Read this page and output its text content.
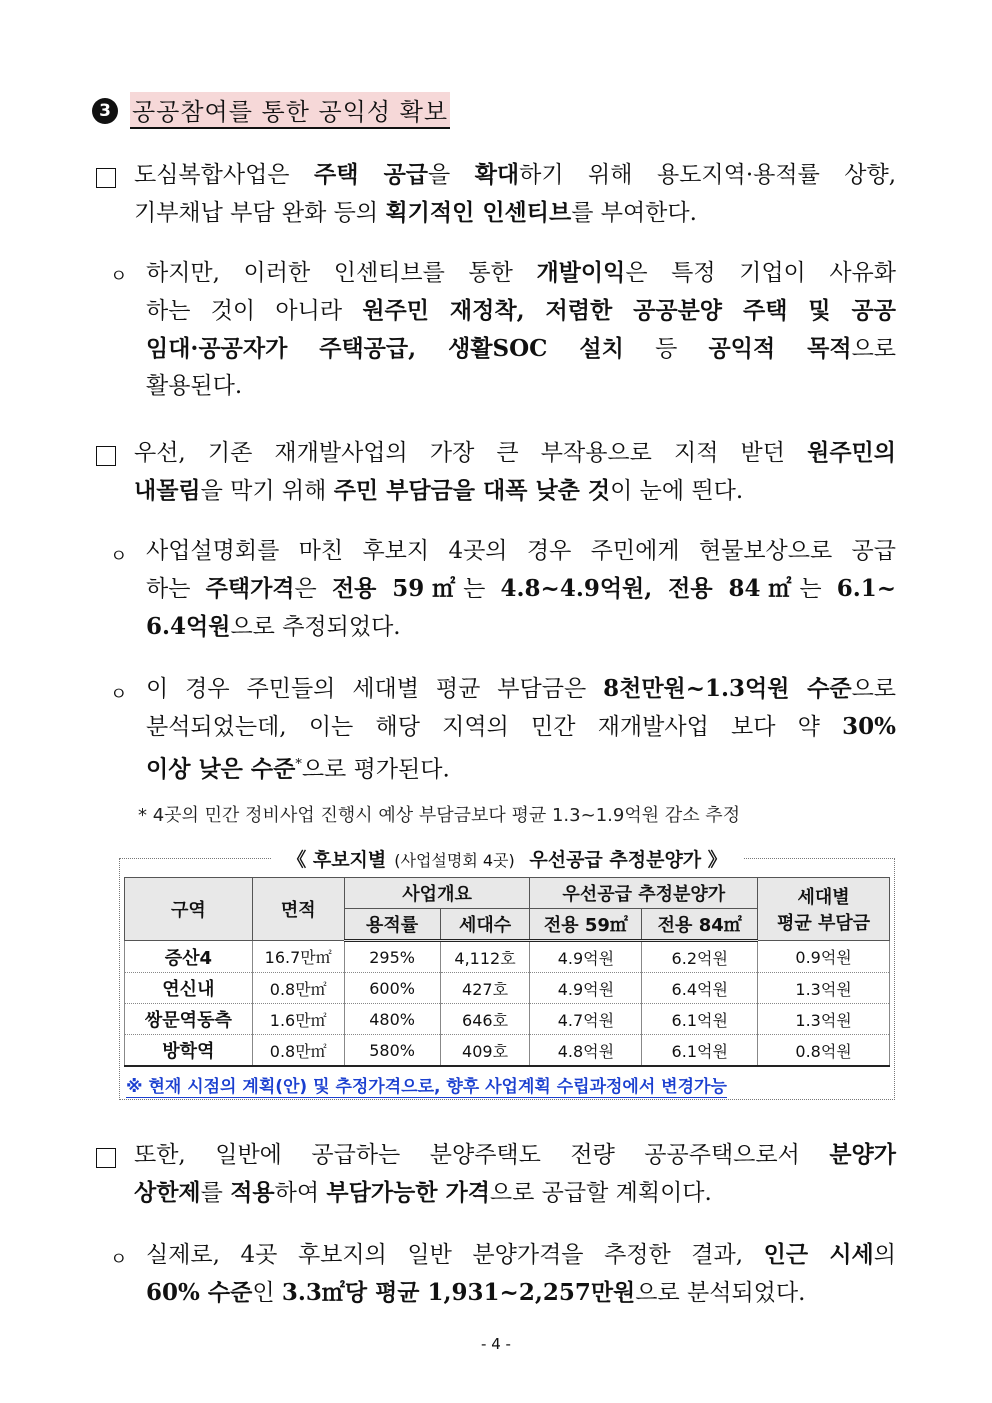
3 공공참여를 통한 공익성 확보
도심복합사업은 주택 공급을 확대하기 위해 용도지역·용적률 상향,
기부채납 부담 완화 등의 획기적인 인센티브를 부여한다.
ㅇ 하지만, 이러한 인센티브를 통한 개발이익은 특정 기업이 사유화
하는 것이 아니라 원주민 재정착, 저렴한 공공분양 주택 및 공공
임대·공공자가 주택공급, 생활SOC 설치 등 공익적 목적으로
활용된다.
우선, 기존 재개발사업의 가장 큰 부작용으로 지적 받던 원주민의
내몰림을 막기 위해 주민 부담금을 대폭 낮춘 것이 눈에 띈다.
ㅇ 사업설명회를 마친 후보지 4곳의 경우 주민에게 현물보상으로 공급
하는 주택가격은 전용 59㎡는 4.8~4.9억원, 전용 84㎡는 6.1~
6.4억원으로 추정되었다.
ㅇ 이 경우 주민들의 세대별 평균 부담금은 8천만원~1.3억원 수준으로
분석되었는데, 이는 해당 지역의 민간 재개발사업 보다 약 30%
이상 낮은 수준*으로 평가된다.
* 4곳의 민간 정비사업 진행시 예상 부담금보다 평균 1.3~1.9억원 감소 추정
《 후보지별 (사업설명회 4곳) 우선공급 추정분양가 》
구역	면적	사업개요		우선공급 추정분양가		세대별
평균 부담금
		용적률	세대수	전용 59㎡	전용 84㎡	
증산4	16.7만㎡	295%	4,112호	4.9억원	6.2억원	0.9억원
연신내	0.8만㎡	600%	427호	4.9억원	6.4억원	1.3억원
쌍문역동측	1.6만㎡	480%	646호	4.7억원	6.1억원	1.3억원
방학역	0.8만㎡	580%	409호	4.8억원	6.1억원	0.8억원
※ 현재 시점의 계획(안) 및 추정가격으로, 향후 사업계획 수립과정에서 변경가능
또한, 일반에 공급하는 분양주택도 전량 공공주택으로서 분양가
상한제를 적용하여 부담가능한 가격으로 공급할 계획이다.
ㅇ 실제로, 4곳 후보지의 일반 분양가격을 추정한 결과, 인근 시세의
60% 수준인 3.3㎡당 평균 1,931~2,257만원으로 분석되었다.
- 4 -
